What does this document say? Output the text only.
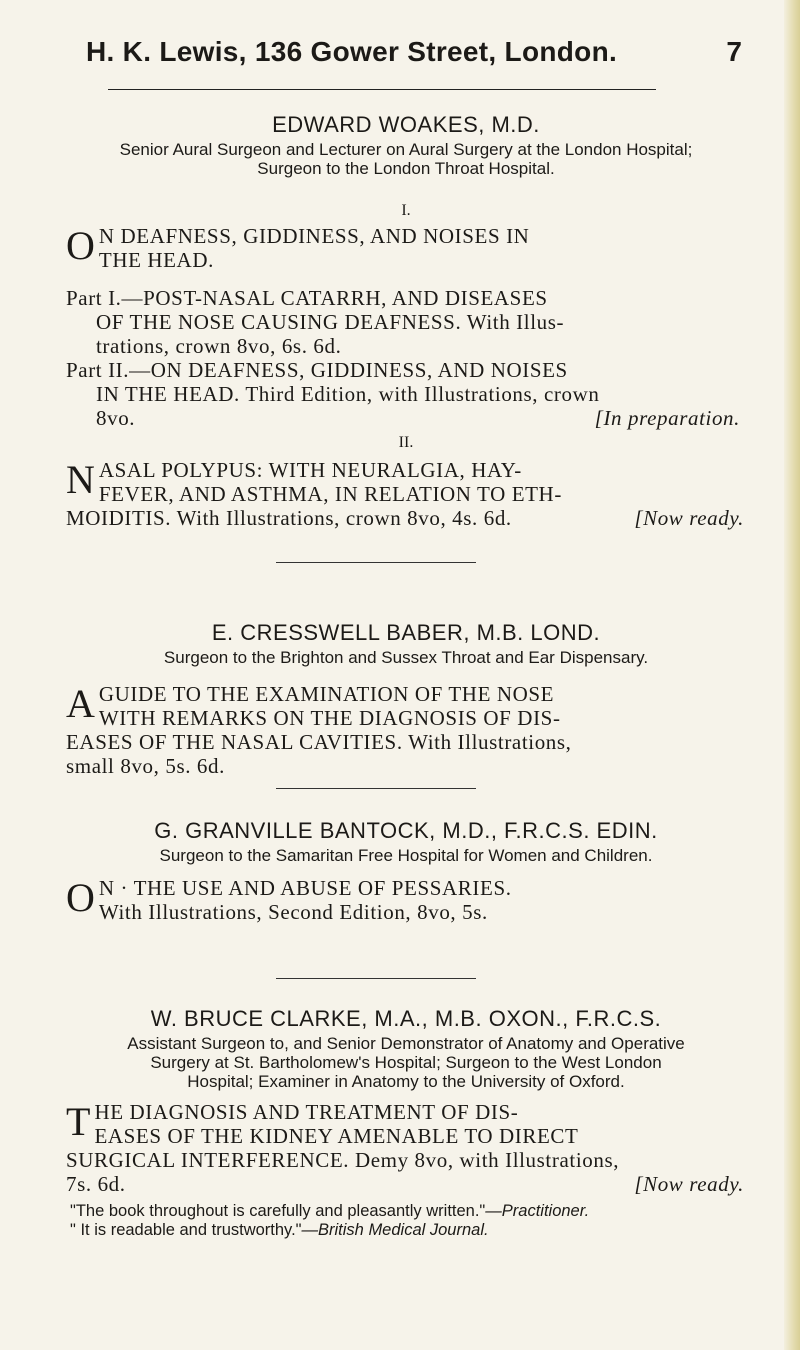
H. K. Lewis, 136 Gower Street, London.	7
EDWARD WOAKES, M.D.
Senior Aural Surgeon and Lecturer on Aural Surgery at the London Hospital;
Surgeon to the London Throat Hospital.
I.
O N DEAFNESS, GIDDINESS, AND NOISES IN
THE HEAD.
Part I.—POST-NASAL CATARRH, AND DISEASES
OF THE NOSE CAUSING DEAFNESS. With Illus-
trations, crown 8vo, 6s. 6d.
Part II.—ON DEAFNESS, GIDDINESS, AND NOISES
IN THE HEAD. Third Edition, with Illustrations, crown
8vo.	[In preparation.
II.
N ASAL POLYPUS: WITH NEURALGIA, HAY-
FEVER, AND ASTHMA, IN RELATION TO ETH-
MOIDITIS. With Illustrations, crown 8vo, 4s. 6d.	[Now ready.
E. CRESSWELL BABER, M.B. LOND.
Surgeon to the Brighton and Sussex Throat and Ear Dispensary.
A GUIDE TO THE EXAMINATION OF THE NOSE
WITH REMARKS ON THE DIAGNOSIS OF DIS-
EASES OF THE NASAL CAVITIES. With Illustrations,
small 8vo, 5s. 6d.
G. GRANVILLE BANTOCK, M.D., F.R.C.S. EDIN.
Surgeon to the Samaritan Free Hospital for Women and Children.
O N · THE USE AND ABUSE OF PESSARIES.
With Illustrations, Second Edition, 8vo, 5s.
W. BRUCE CLARKE, M.A., M.B. OXON., F.R.C.S.
Assistant Surgeon to, and Senior Demonstrator of Anatomy and Operative
Surgery at St. Bartholomew's Hospital; Surgeon to the West London
Hospital; Examiner in Anatomy to the University of Oxford.
T HE DIAGNOSIS AND TREATMENT OF DIS-
EASES OF THE KIDNEY AMENABLE TO DIRECT
SURGICAL INTERFERENCE. Demy 8vo, with Illustrations,
7s. 6d.	[Now ready.
"The book throughout is carefully and pleasantly written."—Practitioner.
" It is readable and trustworthy."—British Medical Journal.
